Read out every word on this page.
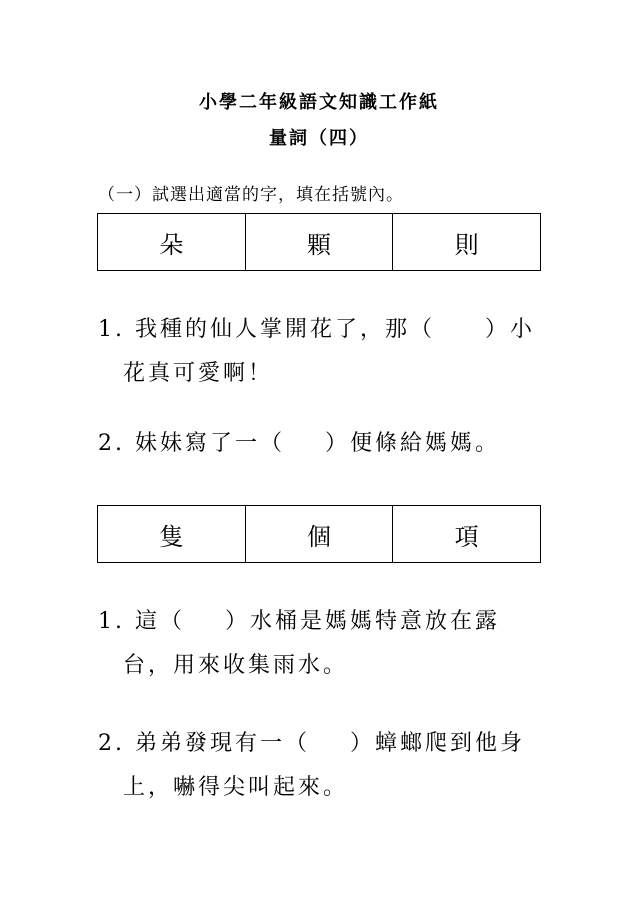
小學二年級語文知識工作紙
量詞（四）
（一）試選出適當的字，填在括號內。
朵	顆	則
1. 我種的仙人掌開花了，那（ ）小
花真可愛啊！
2. 妹妹寫了一（ ）便條給媽媽。
隻	個	項
1. 這（ ）水桶是媽媽特意放在露
台，用來收集雨水。
2. 弟弟發現有一（ ）蟑螂爬到他身
上，嚇得尖叫起來。
